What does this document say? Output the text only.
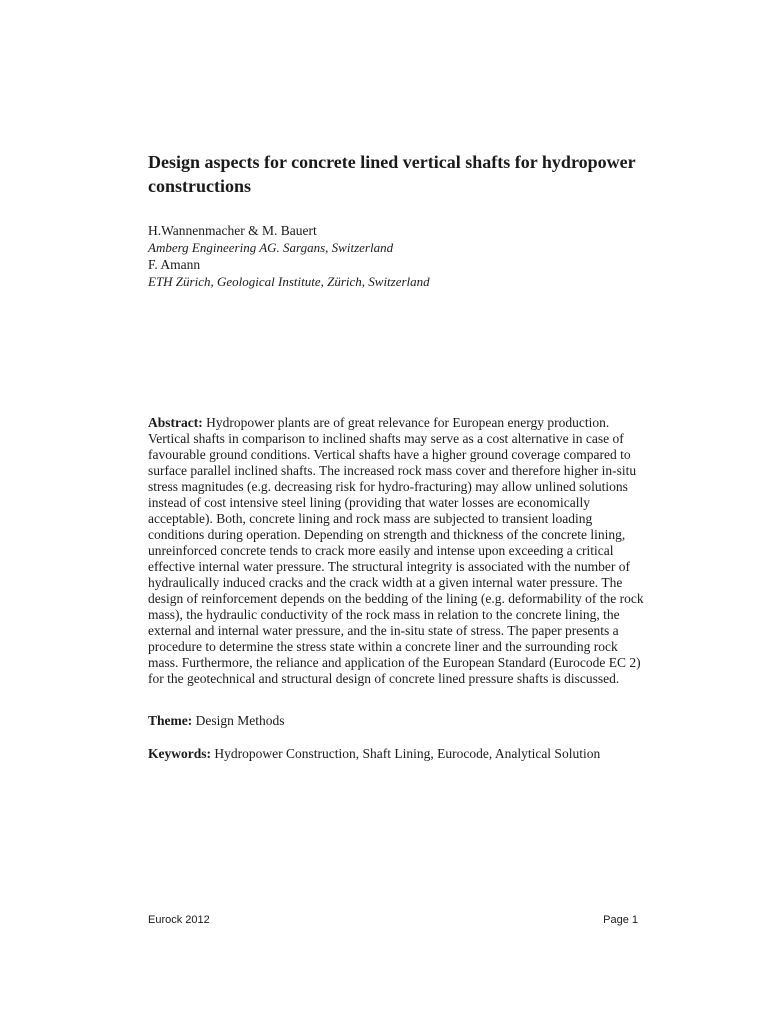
Design aspects for concrete lined vertical shafts for hydropower constructions
H.Wannenmacher & M. Bauert
Amberg Engineering AG. Sargans, Switzerland
F. Amann
ETH Zürich, Geological Institute, Zürich, Switzerland

Abstract: Hydropower plants are of great relevance for European energy production. Vertical shafts in comparison to inclined shafts may serve as a cost alternative in case of favourable ground conditions. Vertical shafts have a higher ground coverage compared to surface parallel inclined shafts. The increased rock mass cover and therefore higher in-situ stress magnitudes (e.g. decreasing risk for hydro-fracturing) may allow unlined solutions instead of cost intensive steel lining (providing that water losses are economically acceptable). Both, concrete lining and rock mass are subjected to transient loading conditions during operation. Depending on strength and thickness of the concrete lining, unreinforced concrete tends to crack more easily and intense upon exceeding a critical effective internal water pressure. The structural integrity is associated with the number of hydraulically induced cracks and the crack width at a given internal water pressure. The design of reinforcement depends on the bedding of the lining (e.g. deformability of the rock mass), the hydraulic conductivity of the rock mass in relation to the concrete lining, the external and internal water pressure, and the in-situ state of stress. The paper presents a procedure to determine the stress state within a concrete liner and the surrounding rock mass. Furthermore, the reliance and application of the European Standard (Eurocode EC 2) for the geotechnical and structural design of concrete lined pressure shafts is discussed.

Theme: Design Methods

Keywords: Hydropower Construction, Shaft Lining, Eurocode, Analytical Solution

Eurock 2012	Page 1
